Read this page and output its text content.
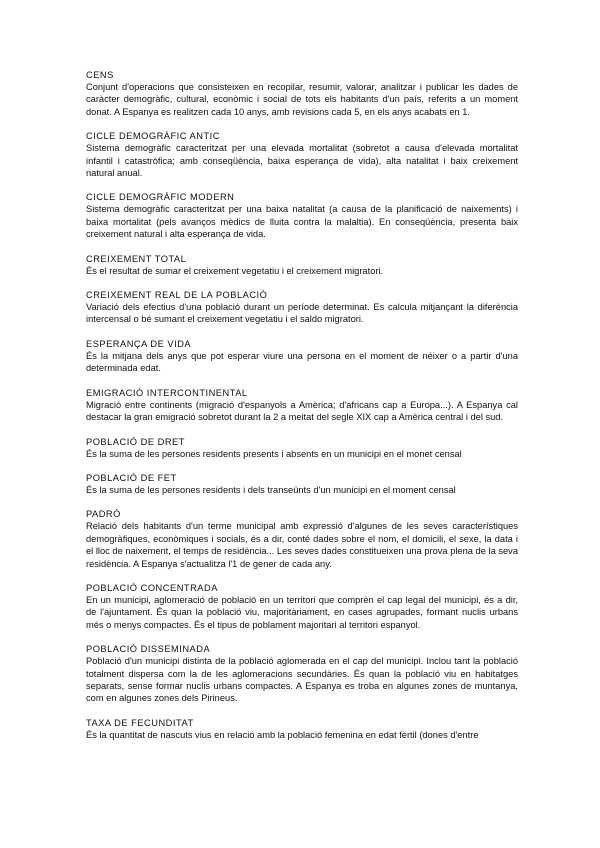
CENS

Conjunt d'operacions que consisteixen en recopilar, resumir, valorar, analitzar i publicar les dades de caràcter demogràfic, cultural, econòmic i social de tots els habitants d'un país, referits a un moment donat. A Espanya es realitzen cada 10 anys, amb revisions cada 5, en els anys acabats en 1.

CICLE DEMOGRÀFIC ANTIC

Sistema demogràfic caracteritzat per una elevada mortalitat (sobretot a causa d'elevada mortalitat infantil i catastròfica; amb conseqüència, baixa esperança de vida), alta natalitat i baix creixement natural anual.

CICLE DEMOGRÀFIC MODERN

Sistema demogràfic caracteritzat per una baixa natalitat (a causa de la planificació de naixements) i baixa mortalitat (pels avanços mèdics de lluita contra la malaltia). En conseqüència, presenta baix creixement natural i alta esperança de vida.

CREIXEMENT TOTAL

És el resultat de sumar el creixement vegetatiu i el creixement migratori.

CREIXEMENT REAL DE LA POBLACIÓ

Variació dels efectius d'una població durant un període determinat. Es calcula mitjançant la diferència intercensal o bé sumant el creixement vegetatiu i el saldo migratori.

ESPERANÇA DE VIDA

És la mitjana dels anys que pot esperar viure una persona en el moment de néixer o a partir d'una determinada edat.

EMIGRACIÓ INTERCONTINENTAL

Migració entre continents (migració d'espanyols a Amèrica; d'africans cap a Europa...). A Espanya cal destacar la gran emigració sobretot durant la 2 a meitat del segle XIX cap a Amèrica central i del sud.

POBLACIÓ DE DRET

És la suma de les persones residents presents i absents en un municipi en el monet censal

POBLACIÓ DE FET

És la suma de les persones residents i dels transeünts d'un municipi en el moment censal

PADRÓ

Relació dels habitants d'un terme municipal amb expressió d'algunes de les seves característiques demogràfiques, econòmiques i socials, és a dir, conté dades sobre el nom, el domicili, el sexe, la data i el lloc de naixement, el temps de residència... Les seves dades constitueixen una prova plena de la seva residència. A Espanya s'actualitza l'1 de gener de cada any.

POBLACIÓ CONCENTRADA

En un municipi, aglomeració de població en un territori que comprèn el cap legal del municipi, és a dir, de l'ajuntament. És quan la població viu, majoritàriament, en cases agrupades, formant nuclis urbans més o menys compactes. És el tipus de poblament majoritari al territori espanyol.

POBLACIÓ DISSEMINADA

Població d'un municipi distinta de la població aglomerada en el cap del municipi. Inclou tant la població totalment dispersa com la de les aglomeracions secundàries. És quan la població viu en habitatges separats, sense formar nuclis urbans compactes. A Espanya es troba en algunes zones de muntanya, com en algunes zones dels Pirineus.

TAXA DE FECUNDITAT

És la quantitat de nascuts vius en relació amb la població femenina en edat fèrtil (dones d'entre
